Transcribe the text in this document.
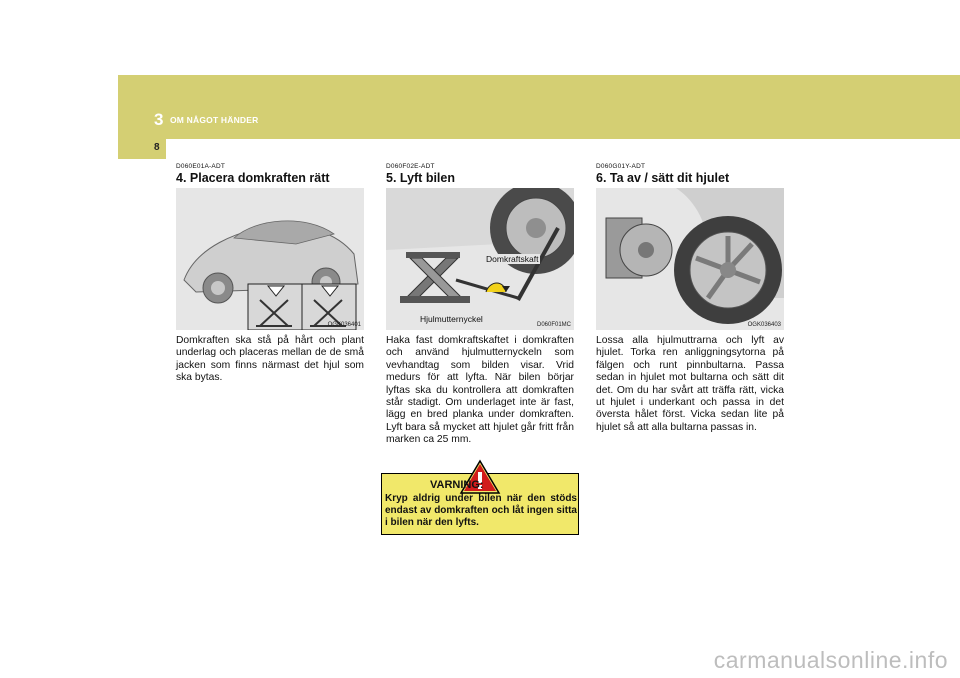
3 OM NÅGOT HÄNDER
8
D060E01A-ADT
4. Placera domkraften rätt
OGK036401
Domkraften ska stå på hårt och plant underlag och placeras mellan de de små jacken som finns närmast det hjul som ska bytas.
D060F02E-ADT
5. Lyft bilen
Domkraftskaft
Hjulmutternyckel
D060F01MC
Haka fast domkraftskaftet i domkraften och använd hjulmutternyckeln som vevhandtag som bilden visar. Vrid medurs för att lyfta. När bilen börjar lyftas ska du kontrollera att domkraften står stadigt. Om underlaget inte är fast, lägg en bred planka under domkraften. Lyft bara så mycket att hjulet går fritt från marken ca 25 mm.
D060G01Y-ADT
6. Ta av / sätt dit hjulet
OGK036403
Lossa alla hjulmuttrarna och lyft av hjulet. Torka ren anliggningsytorna på fälgen och runt pinnbultarna. Passa sedan in hjulet mot bultarna och sätt dit det. Om du har svårt att träffa rätt, vicka ut hjulet i underkant och passa in det översta hålet först. Vicka sedan lite på hjulet så att alla bultarna passas in.
VARNING:
Kryp aldrig under bilen när den stöds endast av domkraften och låt ingen sitta i bilen när den lyfts.
carmanualsonline.info
